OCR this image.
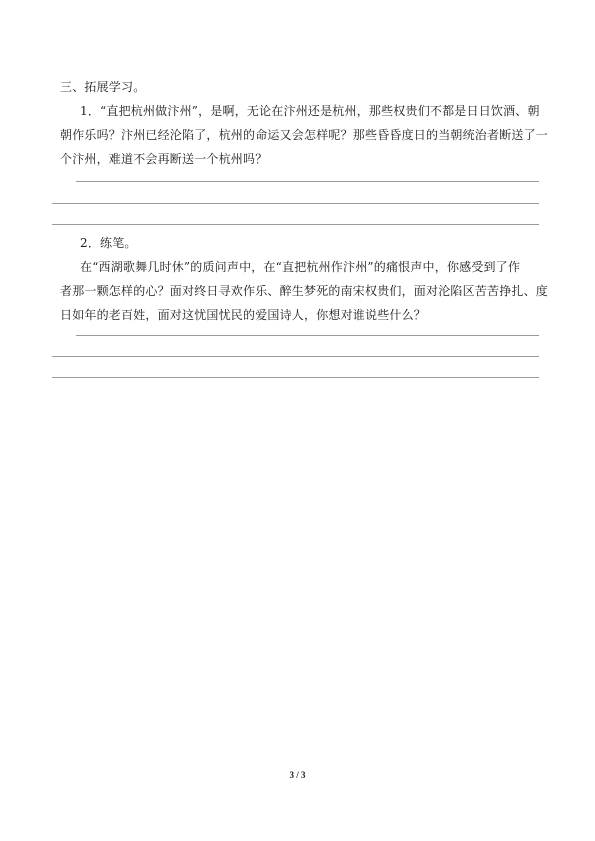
三、拓展学习。
1．“直把杭州做汴州”，是啊，无论在汴州还是杭州，那些权贵们不都是日日饮酒、朝
朝作乐吗？汴州已经沦陷了，杭州的命运又会怎样呢？那些昏昏度日的当朝统治者断送了一
个汴州，难道不会再断送一个杭州吗？
2．练笔。
在“西湖歌舞几时休”的质问声中，在“直把杭州作汴州”的痛恨声中，你感受到了作
者那一颗怎样的心？面对终日寻欢作乐、醉生梦死的南宋权贵们，面对沦陷区苦苦挣扎、度
日如年的老百姓，面对这忧国忧民的爱国诗人，你想对谁说些什么？
3 / 3
